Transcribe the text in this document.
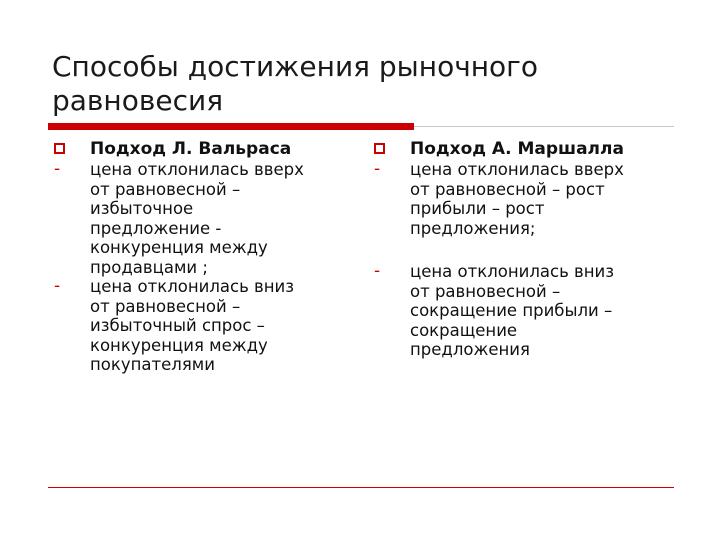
Способы достижения рыночного
равновесия
Подход Л. Вальраса
-	цена отклонилась вверх
от равновесной –
избыточное
предложение -
конкуренция между
продавцами ;
-	цена отклонилась вниз
от равновесной –
избыточный спрос –
конкуренция между
покупателями
Подход А. Маршалла
-	цена отклонилась вверх
от равновесной – рост
прибыли – рост
предложения;
-	цена отклонилась вниз
от равновесной –
сокращение прибыли –
сокращение
предложения
